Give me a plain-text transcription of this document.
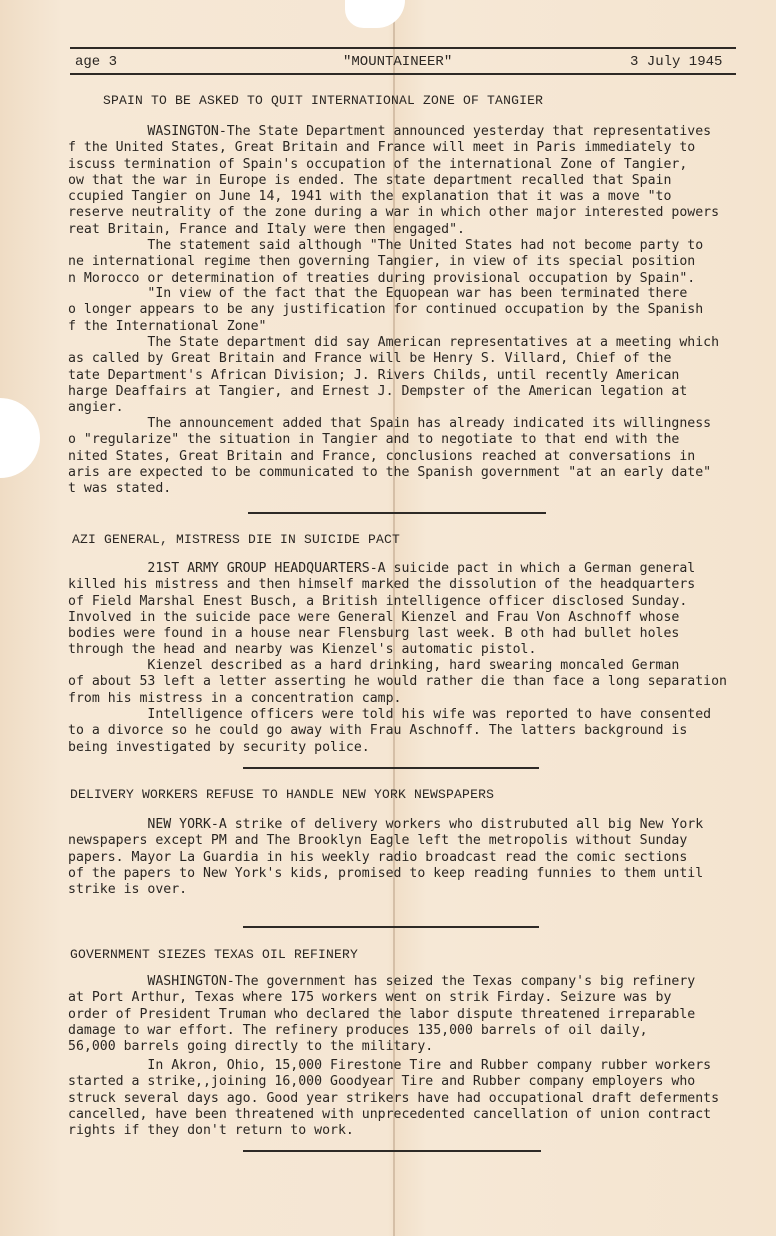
age 3	"MOUNTAINEER"	3 July 1945
SPAIN TO BE ASKED TO QUIT INTERNATIONAL ZONE OF TANGIER
WASINGTON-The State Department announced yesterday that representatives
f the United States, Great Britain and France will meet in Paris immediately to
iscuss termination of Spain's occupation of the international Zone of Tangier,
ow that the war in Europe is ended. The state department recalled that Spain
ccupied Tangier on June 14, 1941 with the explanation that it was a move "to
reserve neutrality of the zone during a war in which other major interested powers
reat Britain, France and Italy were then engaged".
The statement said although "The United States had not become party to
ne international regime then governing Tangier, in view of its special position
n Morocco or determination of treaties during provisional occupation by Spain".
"In view of the fact that the Equopean war has been terminated there
o longer appears to be any justification for continued occupation by the Spanish
f the International Zone"
The State department did say American representatives at a meeting which
as called by Great Britain and France will be Henry S. Villard, Chief of the
tate Department's African Division; J. Rivers Childs, until recently American
harge Deaffairs at Tangier, and Ernest J. Dempster of the American legation at
angier.
The announcement added that Spain has already indicated its willingness
o "regularize" the situation in Tangier and to negotiate to that end with the
nited States, Great Britain and France, conclusions reached at conversations in
aris are expected to be communicated to the Spanish government "at an early date"
t was stated.
AZI GENERAL, MISTRESS DIE IN SUICIDE PACT
21ST ARMY GROUP HEADQUARTERS-A suicide pact in which a German general
killed his mistress and then himself marked the dissolution of the headquarters
of Field Marshal Enest Busch, a British intelligence officer disclosed Sunday.
Involved in the suicide pace were General Kienzel and Frau Von Aschnoff whose
bodies were found in a house near Flensburg last week. B oth had bullet holes
through the head and nearby was Kienzel's automatic pistol.
Kienzel described as a hard drinking, hard swearing moncaled German
of about 53 left a letter asserting he would rather die than face a long separation
from his mistress in a concentration camp.
Intelligence officers were told his wife was reported to have consented
to a divorce so he could go away with Frau Aschnoff. The latters background is
being investigated by security police.
DELIVERY WORKERS REFUSE TO HANDLE NEW YORK NEWSPAPERS
NEW YORK-A strike of delivery workers who distrubuted all big New York
newspapers except PM and The Brooklyn Eagle left the metropolis without Sunday
papers. Mayor La Guardia in his weekly radio broadcast read the comic sections
of the papers to New York's kids, promised to keep reading funnies to them until
strike is over.
GOVERNMENT SIEZES TEXAS OIL REFINERY
WASHINGTON-The government has seized the Texas company's big refinery
at Port Arthur, Texas where 175 workers went on strik Firday. Seizure was by
order of President Truman who declared the labor dispute threatened irreparable
damage to war effort. The refinery produces 135,000 barrels of oil daily,
56,000 barrels going directly to the military.
In Akron, Ohio, 15,000 Firestone Tire and Rubber company rubber workers
started a strike,,joining 16,000 Goodyear Tire and Rubber company employers who
struck several days ago. Good year strikers have had occupational draft deferments
cancelled, have been threatened with unprecedented cancellation of union contract
rights if they don't return to work.
